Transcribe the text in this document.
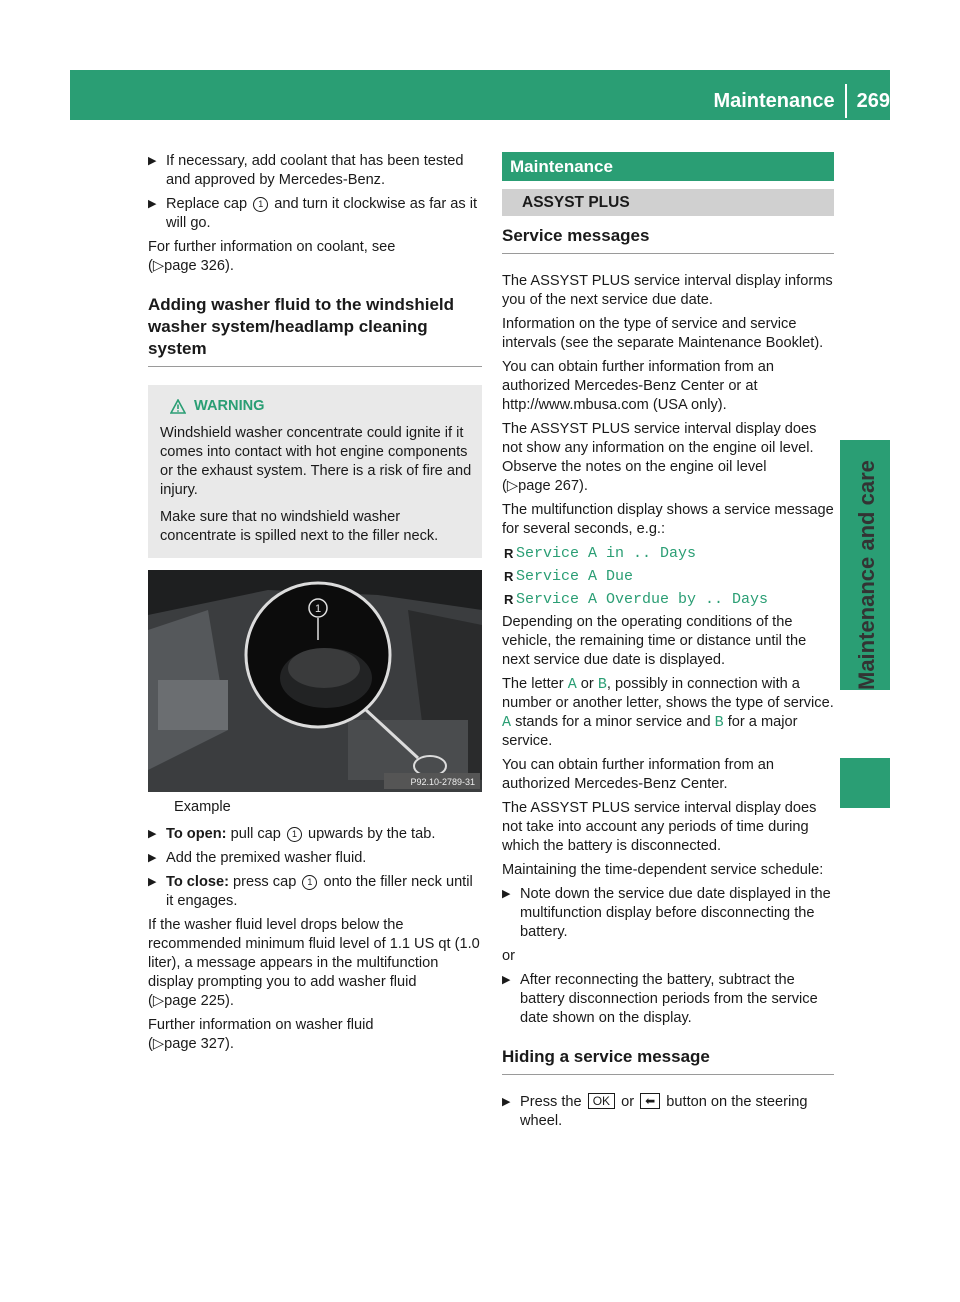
Maintenance 269
Maintenance and care
▶ If necessary, add coolant that has been tested and approved by Mercedes-Benz.
▶ Replace cap 1 and turn it clockwise as far as it will go.

For further information on coolant, see
(▷page 326).

Adding washer fluid to the windshield washer system/headlamp cleaning system
WARNING

Windshield washer concentrate could ignite if it comes into contact with hot engine components or the exhaust system. There is a risk of fire and injury.

Make sure that no windshield washer concentrate is spilled next to the filler neck.

1
P92.10-2789-31
Example
▶ To open: pull cap 1 upwards by the tab.
▶ Add the premixed washer fluid.
▶ To close: press cap 1 onto the filler neck until it engages.

If the washer fluid level drops below the recommended minimum fluid level of 1.1 US qt (1.0 liter), a message appears in the multifunction display prompting you to add washer fluid
(▷page 225).

Further information on washer fluid
(▷page 327).

Maintenance
ASSYST PLUS
Service messages

The ASSYST PLUS service interval display informs you of the next service due date.

Information on the type of service and service intervals (see the separate Maintenance Booklet).

You can obtain further information from an authorized Mercedes-Benz Center or at http://www.mbusa.com (USA only).

The ASSYST PLUS service interval display does not show any information on the engine oil level. Observe the notes on the engine oil level
(▷page 267).

The multifunction display shows a service message for several seconds, e.g.:

R Service A in .. Days
R Service A Due
R Service A Overdue by .. Days

Depending on the operating conditions of the vehicle, the remaining time or distance until the next service due date is displayed.

The letter A or B, possibly in connection with a number or another letter, shows the type of service. A stands for a minor service and B for a major service.

You can obtain further information from an authorized Mercedes-Benz Center.

The ASSYST PLUS service interval display does not take into account any periods of time during which the battery is disconnected.

Maintaining the time-dependent service schedule:

▶ Note down the service due date displayed in the multifunction display before disconnecting the battery.

or

▶ After reconnecting the battery, subtract the battery disconnection periods from the service date shown on the display.
Hiding a service message
▶ Press the OK or ⬅ button on the steering wheel.
